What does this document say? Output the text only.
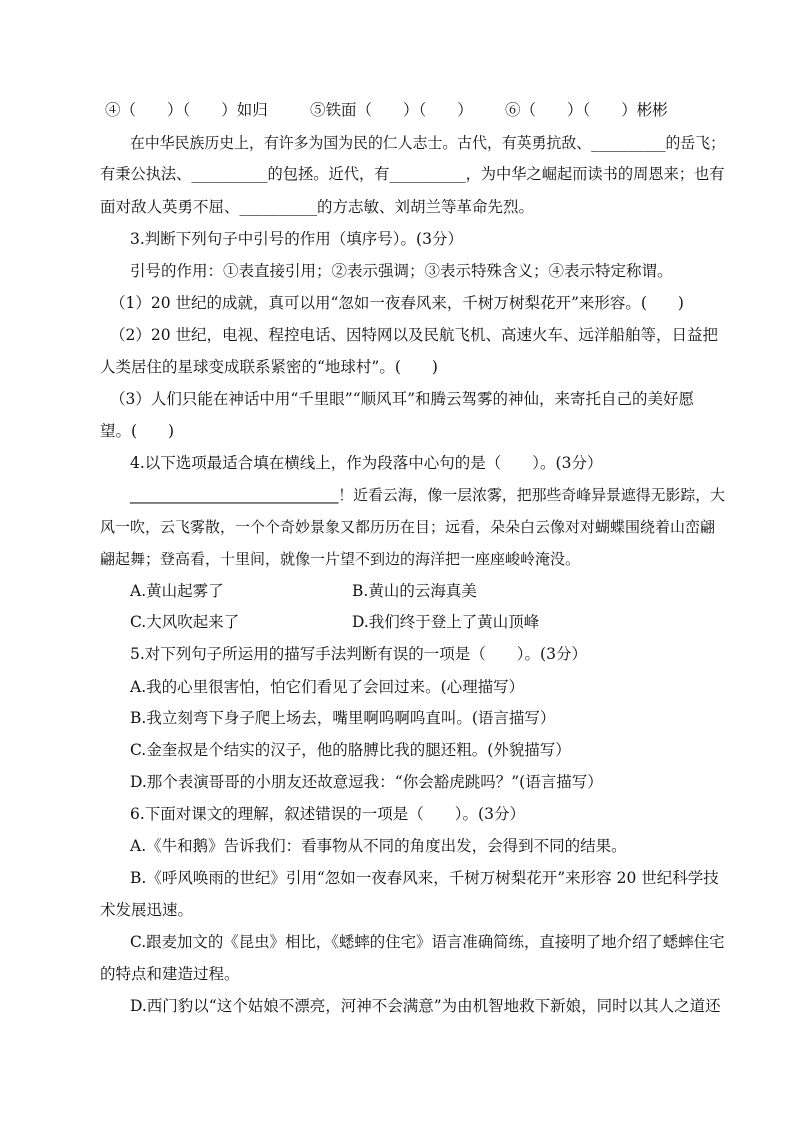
④（　　）（　　）如归	⑤铁面（　　）（　　） ⑥（　　）（　　）彬彬
在中华民族历史上，有许多为国为民的仁人志士。古代，有英勇抗敌、__________的岳飞；
有秉公执法、__________的包拯。近代，有__________，为中华之崛起而读书的周恩来；也有
面对敌人英勇不屈、__________的方志敏、刘胡兰等革命先烈。
3.判断下列句子中引号的作用（填序号）。(3分）
引号的作用：①表直接引用；②表示强调；③表示特殊含义；④表示特定称谓。
（1）20 世纪的成就，真可以用“忽如一夜春风来，千树万树梨花开”来形容。(　　)
（2）20 世纪，电视、程控电话、因特网以及民航飞机、高速火车、远洋船舶等，日益把
人类居住的星球变成联系紧密的“地球村”。(　　)
（3）人们只能在神话中用“千里眼”“顺风耳”和腾云驾雾的神仙，来寄托自己的美好愿
望。(　　)
4.以下选项最适合填在横线上，作为段落中心句的是（　　）。(3分）
____________________________！近看云海，像一层浓雾，把那些奇峰异景遮得无影踪，大
风一吹，云飞雾散，一个个奇妙景象又都历历在目；远看，朵朵白云像对对蝴蝶围绕着山峦翩
翩起舞；登高看，十里间，就像一片望不到边的海洋把一座座峻岭淹没。
A.黄山起雾了	B.黄山的云海真美
C.大风吹起来了	D.我们终于登上了黄山顶峰
5.对下列句子所运用的描写手法判断有误的一项是（　　）。(3分）
A.我的心里很害怕，怕它们看见了会回过来。(心理描写）
B.我立刻弯下身子爬上场去，嘴里啊呜啊呜直叫。(语言描写）
C.金奎叔是个结实的汉子，他的胳膊比我的腿还粗。(外貌描写）
D.那个表演哥哥的小朋友还故意逗我：“你会豁虎跳吗？”(语言描写）
6.下面对课文的理解，叙述错误的一项是（　　）。(3分）
A.《牛和鹅》告诉我们：看事物从不同的角度出发，会得到不同的结果。
B.《呼风唤雨的世纪》引用“忽如一夜春风来，千树万树梨花开”来形容 20 世纪科学技
术发展迅速。
C.跟麦加文的《昆虫》相比，《蟋蟀的住宅》语言准确简练，直接明了地介绍了蟋蟀住宅
的特点和建造过程。
D.西门豹以“这个姑娘不漂亮，河神不会满意”为由机智地救下新娘，同时以其人之道还
